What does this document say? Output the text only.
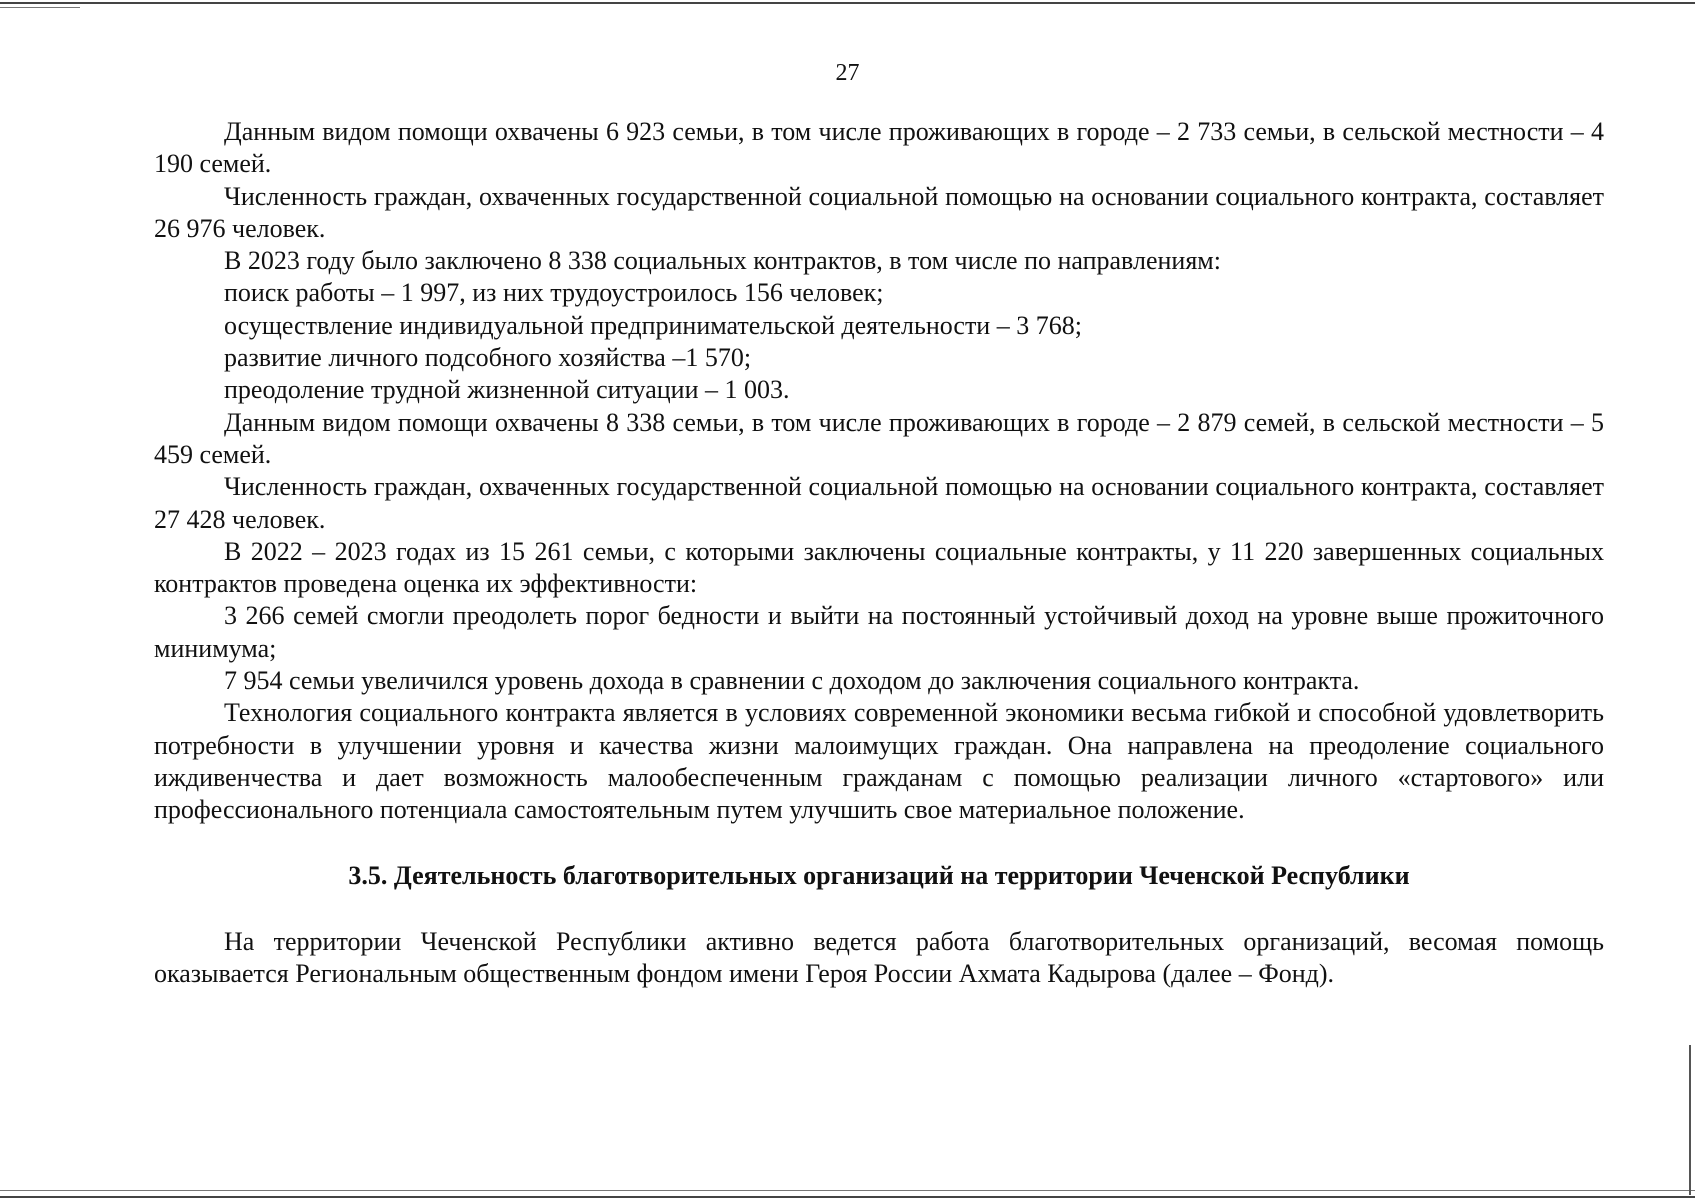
27

Данным видом помощи охвачены 6 923 семьи, в том числе проживающих в городе – 2 733 семьи, в сельской местности – 4 190 семей.

Численность граждан, охваченных государственной социальной помощью на основании социального контракта, составляет 26 976 человек.

В 2023 году было заключено 8 338 социальных контрактов, в том числе по направлениям:

поиск работы – 1 997, из них трудоустроилось 156 человек;

осуществление индивидуальной предпринимательской деятельности – 3 768;

развитие личного подсобного хозяйства –1 570;

преодоление трудной жизненной ситуации – 1 003.

Данным видом помощи охвачены 8 338 семьи, в том числе проживающих в городе – 2 879 семей, в сельской местности – 5 459 семей.

Численность граждан, охваченных государственной социальной помощью на основании социального контракта, составляет 27 428 человек.

В 2022 – 2023 годах из 15 261 семьи, с которыми заключены социальные контракты, у 11 220 завершенных социальных контрактов проведена оценка их эффективности:

3 266 семей смогли преодолеть порог бедности и выйти на постоянный устойчивый доход на уровне выше прожиточного минимума;

7 954 семьи увеличился уровень дохода в сравнении с доходом до заключения социального контракта.

Технология социального контракта является в условиях современной экономики весьма гибкой и способной удовлетворить потребности в улучшении уровня и качества жизни малоимущих граждан. Она направлена на преодоление социального иждивенчества и дает возможность малообеспеченным гражданам с помощью реализации личного «стартового» или профессионального потенциала самостоятельным путем улучшить свое материальное положение.

3.5. Деятельность благотворительных организаций на территории Чеченской Республики

На территории Чеченской Республики активно ведется работа благотворительных организаций, весомая помощь оказывается Региональным общественным фондом имени Героя России Ахмата Кадырова (далее – Фонд).
